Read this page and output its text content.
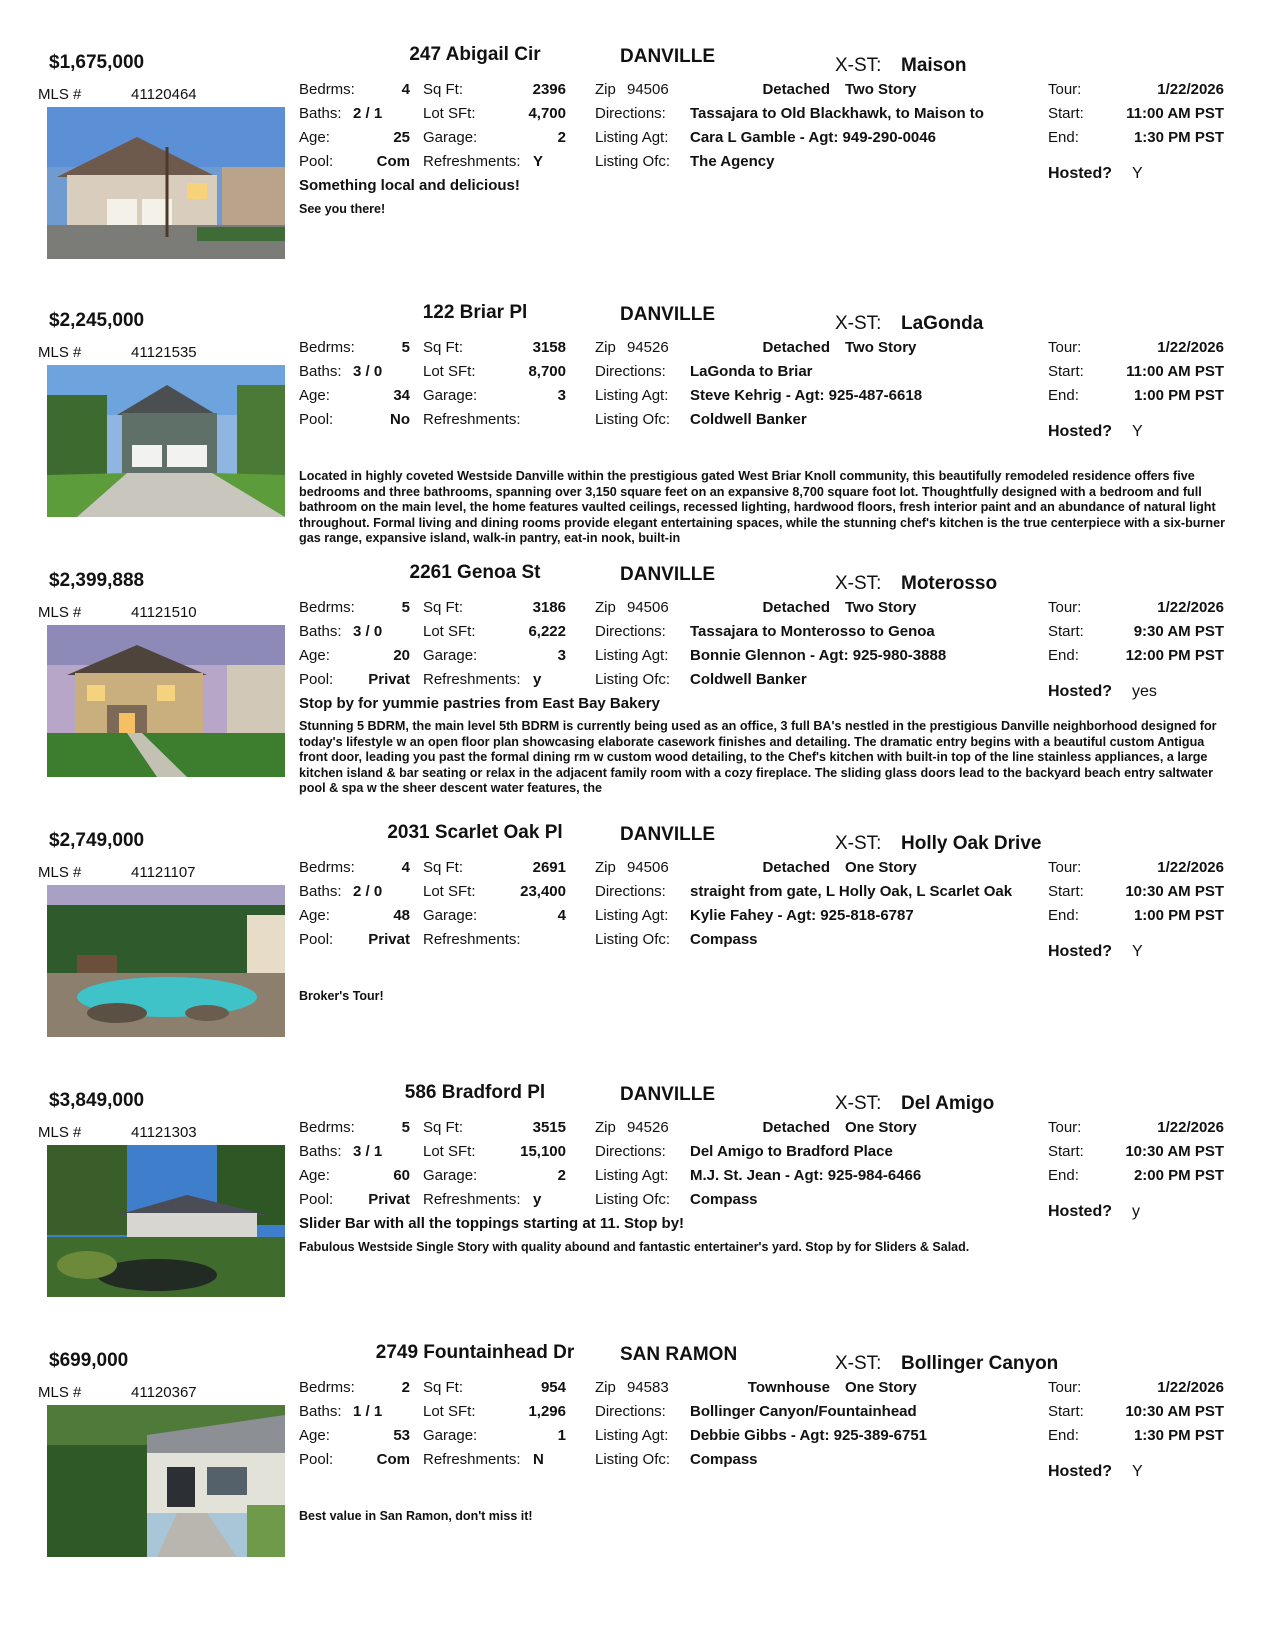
$1,675,000	247 Abigail Cir	DANVILLE	X-ST: Maison
MLS #	41120464	Bedrms:	4 Sq Ft:	2396
Baths: 2 / 1	Lot SFt:	4,700
Age:	25 Garage:	2
Pool:	Com Refreshments: Y
Zip 94506	Detached Two Story
Directions: Tassajara to Old Blackhawk, to Maison to
Listing Agt: Cara L Gamble - Agt: 949-290-0046
Listing Ofc: The Agency
Tour:	1/22/2026
Start:	11:00 AM PST
End:	1:30 PM PST
Hosted? Y
Something local and delicious!
See you there!
$2,245,000	122 Briar Pl	DANVILLE	X-ST: LaGonda
MLS #	41121535	Bedrms:	5 Sq Ft:	3158
Baths: 3 / 0	Lot SFt:	8,700
Age:	34 Garage:	3
Pool:	No Refreshments:
Zip 94526	Detached Two Story
Directions: LaGonda to Briar
Listing Agt: Steve Kehrig - Agt: 925-487-6618
Listing Ofc: Coldwell Banker
Tour:	1/22/2026
Start:	11:00 AM PST
End:	1:00 PM PST
Hosted? Y
Located in highly coveted Westside Danville within the prestigious gated West Briar Knoll community, this beautifully remodeled residence offers five bedrooms and three bathrooms, spanning over 3,150 square feet on an expansive 8,700 square foot lot. Thoughtfully designed with a bedroom and full bathroom on the main level, the home features vaulted ceilings, recessed lighting, hardwood floors, fresh interior paint and an abundance of natural light throughout. Formal living and dining rooms provide elegant entertaining spaces, while the stunning chef's kitchen is the true centerpiece with a six-burner gas range, expansive island, walk-in pantry, eat-in nook, built-in
$2,399,888	2261 Genoa St	DANVILLE	X-ST: Moterosso
MLS #	41121510	Bedrms:	5 Sq Ft:	3186
Baths: 3 / 0	Lot SFt:	6,222
Age:	20 Garage:	3
Pool:	Privat Refreshments: y
Zip 94506	Detached Two Story
Directions: Tassajara to Monterosso to Genoa
Listing Agt: Bonnie Glennon - Agt: 925-980-3888
Listing Ofc: Coldwell Banker
Tour:	1/22/2026
Start:	9:30 AM PST
End:	12:00 PM PST
Hosted? yes
Stop by for yummie pastries from East Bay Bakery
Stunning 5 BDRM, the main level 5th BDRM is currently being used as an office, 3 full BA's nestled in the prestigious Danville neighborhood designed for today's lifestyle w an open floor plan showcasing elaborate casework finishes and detailing. The dramatic entry begins with a beautiful custom Antigua front door, leading you past the formal dining rm w custom wood detailing, to the Chef's kitchen with built-in top of the line stainless appliances, a large kitchen island & bar seating or relax in the adjacent family room with a cozy fireplace. The sliding glass doors lead to the backyard beach entry saltwater pool & spa w the sheer descent water features, the
$2,749,000	2031 Scarlet Oak Pl	DANVILLE	X-ST: Holly Oak Drive
MLS #	41121107	Bedrms:	4 Sq Ft:	2691
Baths: 2 / 0	Lot SFt:	23,400
Age:	48 Garage:	4
Pool:	Privat Refreshments:
Zip 94506	Detached One Story
Directions: straight from gate, L Holly Oak, L Scarlet Oak
Listing Agt: Kylie Fahey - Agt: 925-818-6787
Listing Ofc: Compass
Tour:	1/22/2026
Start:	10:30 AM PST
End:	1:00 PM PST
Hosted? Y
Broker's Tour!
$3,849,000	586 Bradford Pl	DANVILLE	X-ST: Del Amigo
MLS #	41121303	Bedrms:	5 Sq Ft:	3515
Baths: 3 / 1	Lot SFt:	15,100
Age:	60 Garage:	2
Pool:	Privat Refreshments: y
Zip 94526	Detached One Story
Directions: Del Amigo to Bradford Place
Listing Agt: M.J. St. Jean - Agt: 925-984-6466
Listing Ofc: Compass
Tour:	1/22/2026
Start:	10:30 AM PST
End:	2:00 PM PST
Hosted? y
Slider Bar with all the toppings starting at 11. Stop by!
Fabulous Westside Single Story with quality abound and fantastic entertainer's yard. Stop by for Sliders & Salad.
$699,000	2749 Fountainhead Dr	SAN RAMON	X-ST: Bollinger Canyon
MLS #	41120367	Bedrms:	2 Sq Ft:	954
Baths: 1 / 1	Lot SFt:	1,296
Age:	53 Garage:	1
Pool:	Com Refreshments: N
Zip 94583	Townhouse One Story
Directions: Bollinger Canyon/Fountainhead
Listing Agt: Debbie Gibbs - Agt: 925-389-6751
Listing Ofc: Compass
Tour:	1/22/2026
Start:	10:30 AM PST
End:	1:30 PM PST
Hosted? Y
Best value in San Ramon, don't miss it!
